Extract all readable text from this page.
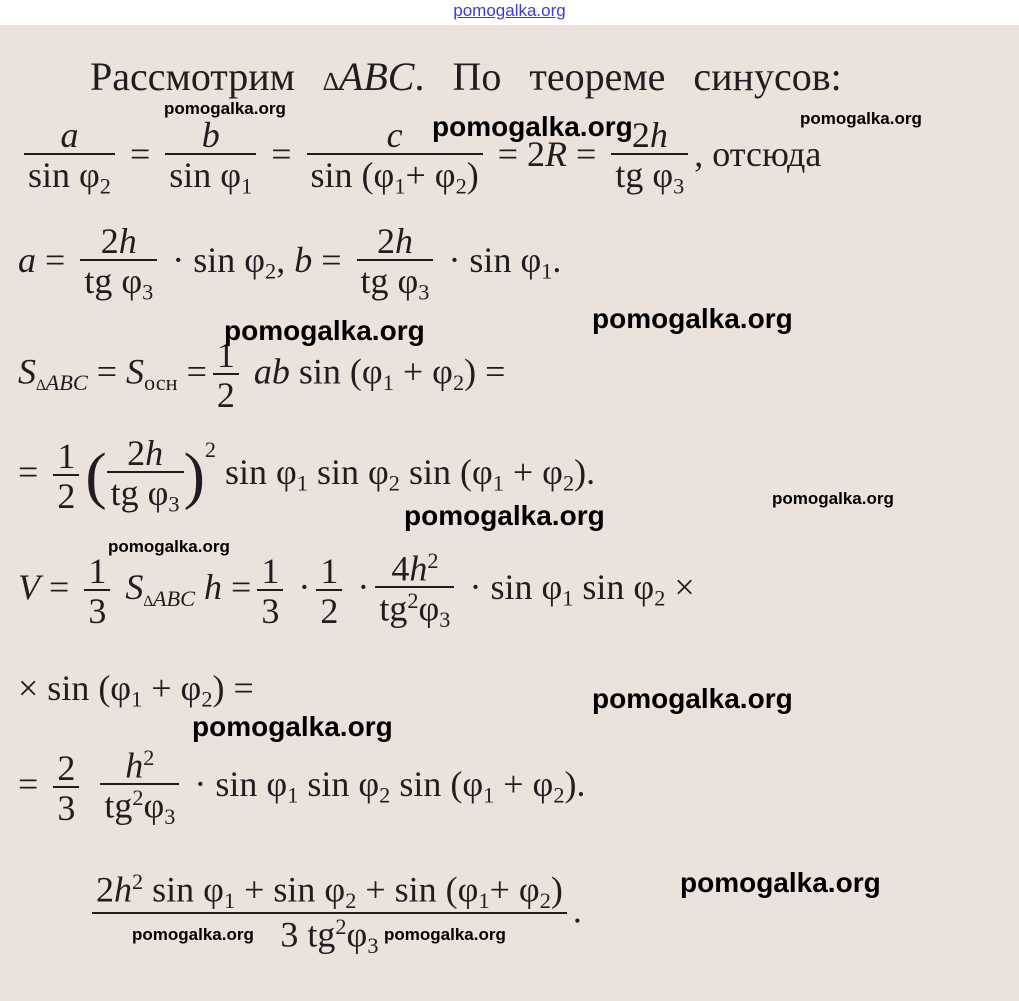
pomogalka.org
Рассмотрим ∆ABC. По теореме синусов:
$\frac{a}{\sin \varphi_2} = \frac{b}{\sin \varphi_1} = \frac{c}{\sin (\varphi_1+ \varphi_2)} = 2R = \frac{2h}{tg \varphi_3}$ , отсюда
$a = \frac{2h}{tg \varphi_3} \cdot \sin \varphi_2$, $b = \frac{2h}{tg \varphi_3} \cdot \sin \varphi_1$.
$S_{\Delta ABC} = S_{осн} = \frac{1}{2}$ ab $\sin (\varphi_1 + \varphi_2)$ =
= $\frac{1}{2}$ ( $\frac{2h}{tg \varphi_3} )^2$ $\sin \varphi_1$ $\sin \varphi_2$ $\sin (\varphi_1 + \varphi_2)$.
$V = \frac{1}{3} S_{\Delta ABC}$ $h = \frac{1}{3} \cdot \frac{1}{2} \cdot \frac{4h^2}{tg^2\varphi_3} \cdot \sin \varphi_1$ $\sin \varphi_2$ ×
× $\sin (\varphi_1 + \varphi_2)$ =
= $\frac{2}{3}$
$\frac{h^2}{tg^2\varphi_3} \cdot \sin \varphi_1$ $\sin \varphi_2$ $\sin (\varphi_1 + \varphi_2)$.
$\frac{2h^2 \sin \varphi_1 + \sin \varphi_2 + \sin (\varphi_1+ \varphi_2)}{3 tg^2\varphi_3}$ .
pomogalka.org
pomogalka.org	pomogalka.org
pomogalka.org	pomogalka.org
pomogalka.org
pomogalka.org
pomogalka.org
pomogalka.org
pomogalka.org
pomogalka.org
pomogalka.org	pomogalka.org
